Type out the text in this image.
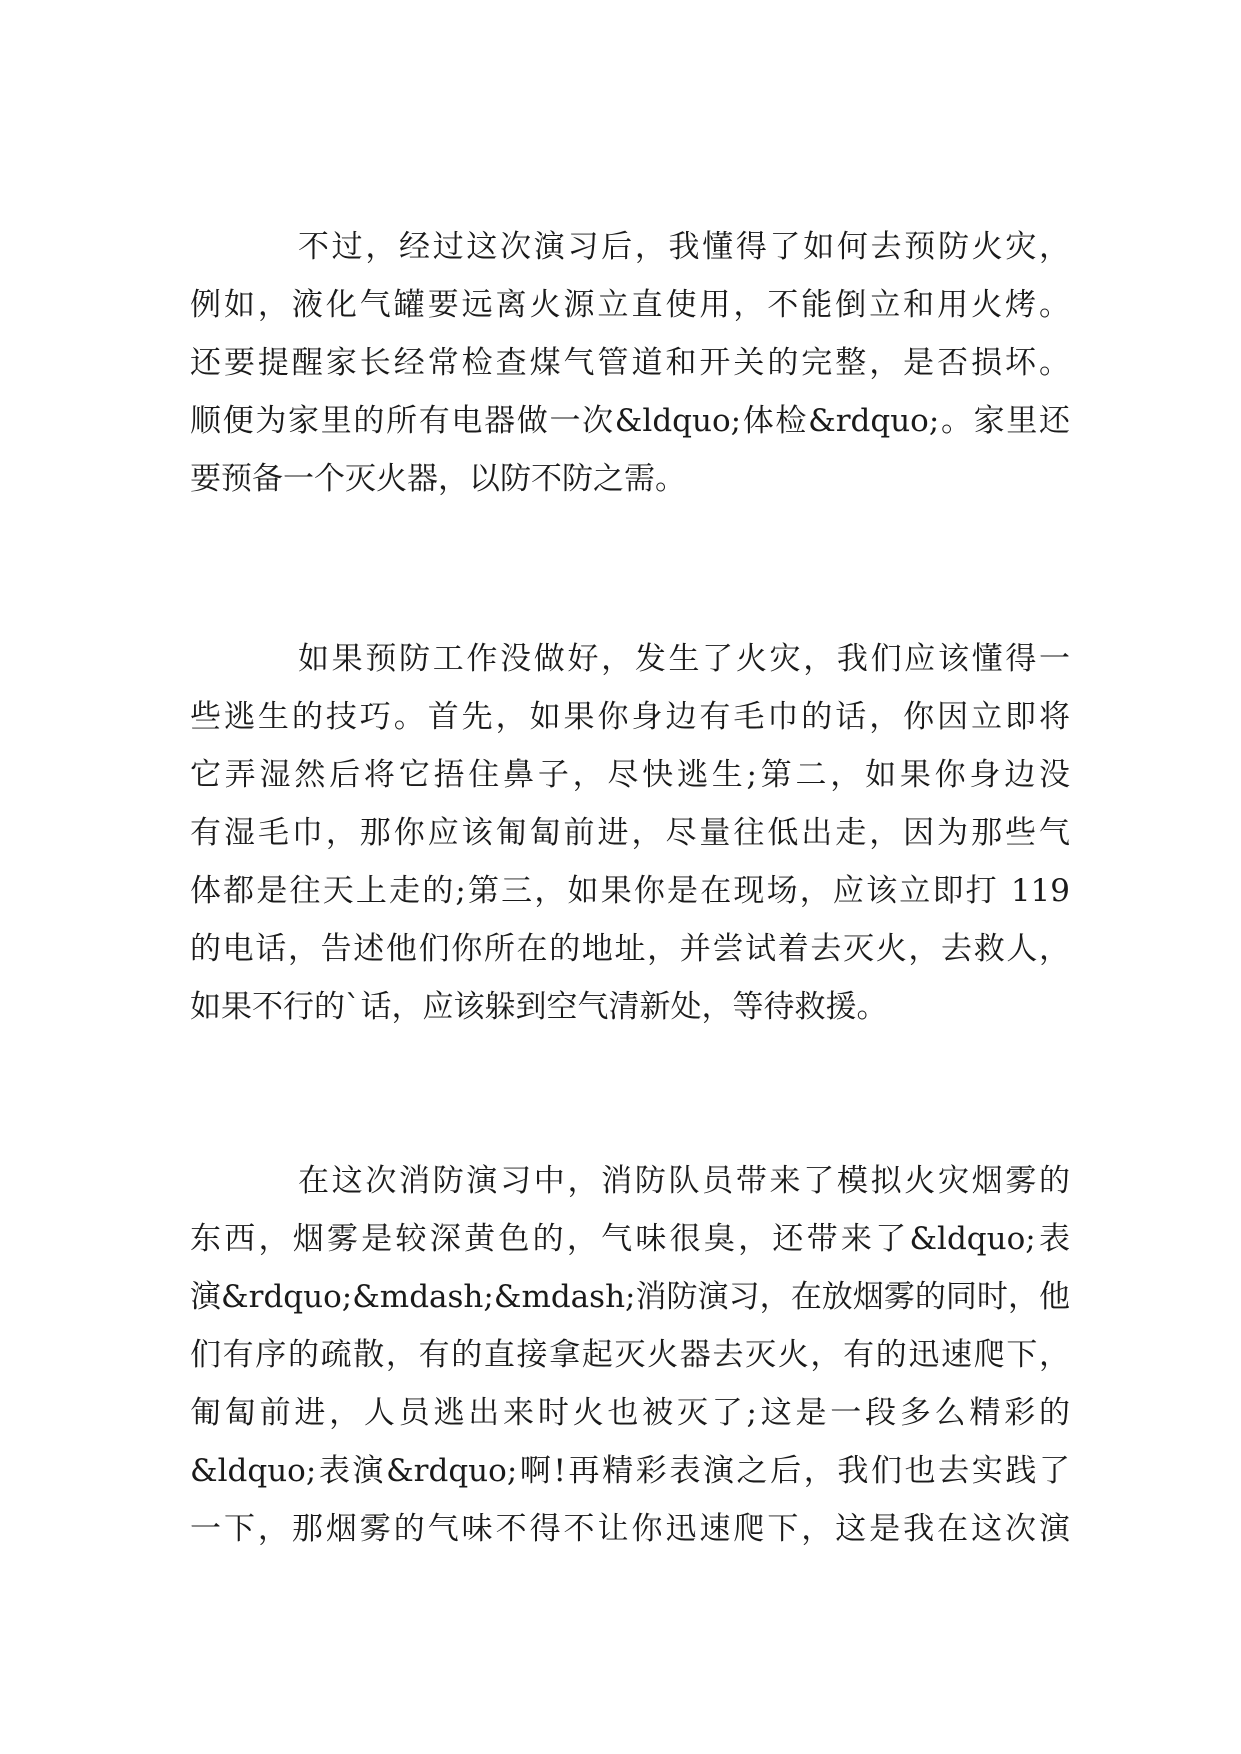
不过，经过这次演习后，我懂得了如何去预防火灾，
例如，液化气罐要远离火源立直使用，不能倒立和用火烤。
还要提醒家长经常检查煤气管道和开关的完整，是否损坏。
顺便为家里的所有电器做一次&ldquo;体检&rdquo;。家里还
要预备一个灭火器，以防不防之需。
如果预防工作没做好，发生了火灾，我们应该懂得一
些逃生的技巧。首先，如果你身边有毛巾的话，你因立即将
它弄湿然后将它捂住鼻子，尽快逃生;第二，如果你身边没
有湿毛巾，那你应该匍匐前进，尽量往低出走，因为那些气
体都是往天上走的;第三，如果你是在现场，应该立即打 119
的电话，告述他们你所在的地址，并尝试着去灭火，去救人，
如果不行的`话，应该躲到空气清新处，等待救援。
在这次消防演习中，消防队员带来了模拟火灾烟雾的
东西，烟雾是较深黄色的，气味很臭，还带来了&ldquo;表
演&rdquo;&mdash;&mdash;消防演习，在放烟雾的同时，他
们有序的疏散，有的直接拿起灭火器去灭火，有的迅速爬下，
匍匐前进，人员逃出来时火也被灭了;这是一段多么精彩的
&ldquo;表演&rdquo;啊!再精彩表演之后，我们也去实践了
一下，那烟雾的气味不得不让你迅速爬下，这是我在这次演
